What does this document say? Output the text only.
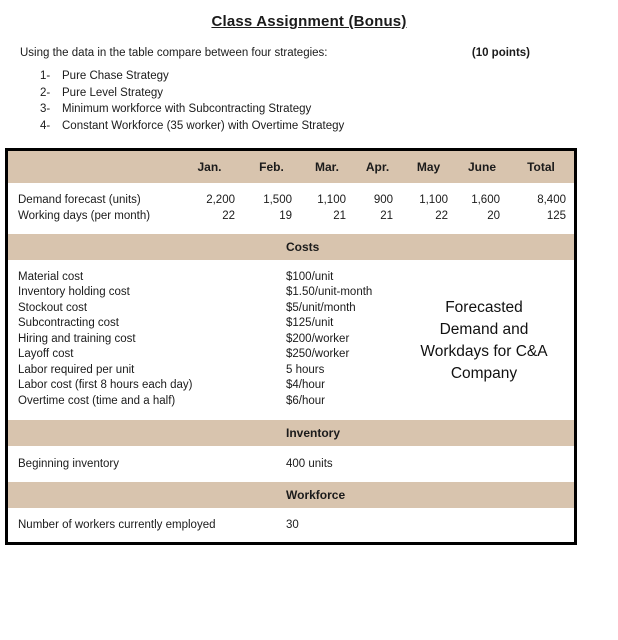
Class Assignment (Bonus)
Using the data in the table compare between four strategies:	(10 points)
1-	Pure Chase Strategy
2-	Pure Level Strategy
3-	Minimum workforce with Subcontracting Strategy
4-	Constant Workforce (35 worker) with Overtime Strategy
Jan.	Feb.	Mar.	Apr.	May	June	Total
Demand forecast (units)	2,200	1,500	1,100	900	1,100	1,600	8,400
Working days (per month)	22	19	21	21	22	20	125
Costs
Material cost	$100/unit
Inventory holding cost	$1.50/unit-month
Stockout cost	$5/unit/month
Subcontracting cost	$125/unit
Hiring and training cost	$200/worker
Layoff cost	$250/worker
Labor required per unit	5 hours
Labor cost (first 8 hours each day)	$4/hour
Overtime cost (time and a half)	$6/hour
Forecasted
Demand and
Workdays for C&A
Company
Inventory
Beginning inventory	400 units
Workforce
Number of workers currently employed	30
